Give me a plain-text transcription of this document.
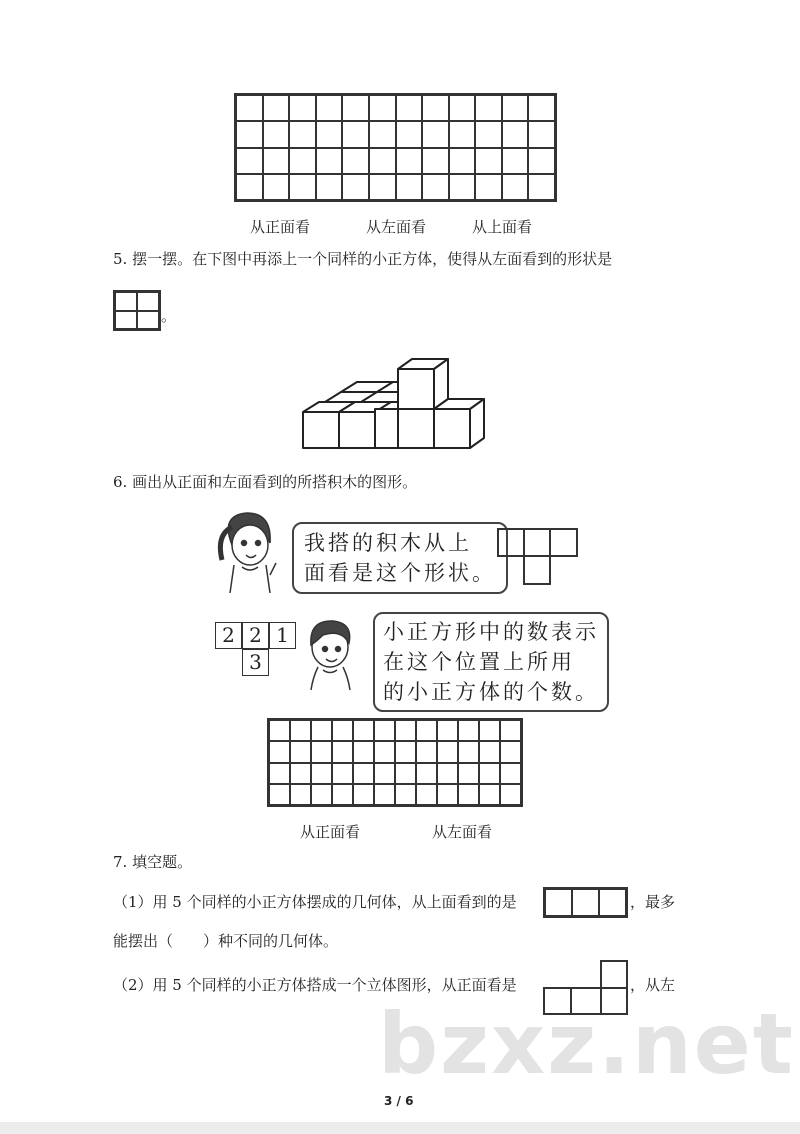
从正面看	从左面看	从上面看
5. 摆一摆。在下图中再添上一个同样的小正方体，使得从左面看到的形状是
。
6. 画出从正面和左面看到的所搭积木的图形。
我搭的积木从上
面看是这个形状。
2 2 1
3
小正方形中的数表示
在这个位置上所用
的小正方体的个数。
从正面看	从左面看
7. 填空题。
（1）用 5 个同样的小正方体摆成的几何体，从上面看到的是	，最多
能摆出（　　）种不同的几何体。
（2）用 5 个同样的小正方体搭成一个立体图形，从正面看是	，从左
bzxz.net
3 / 6
